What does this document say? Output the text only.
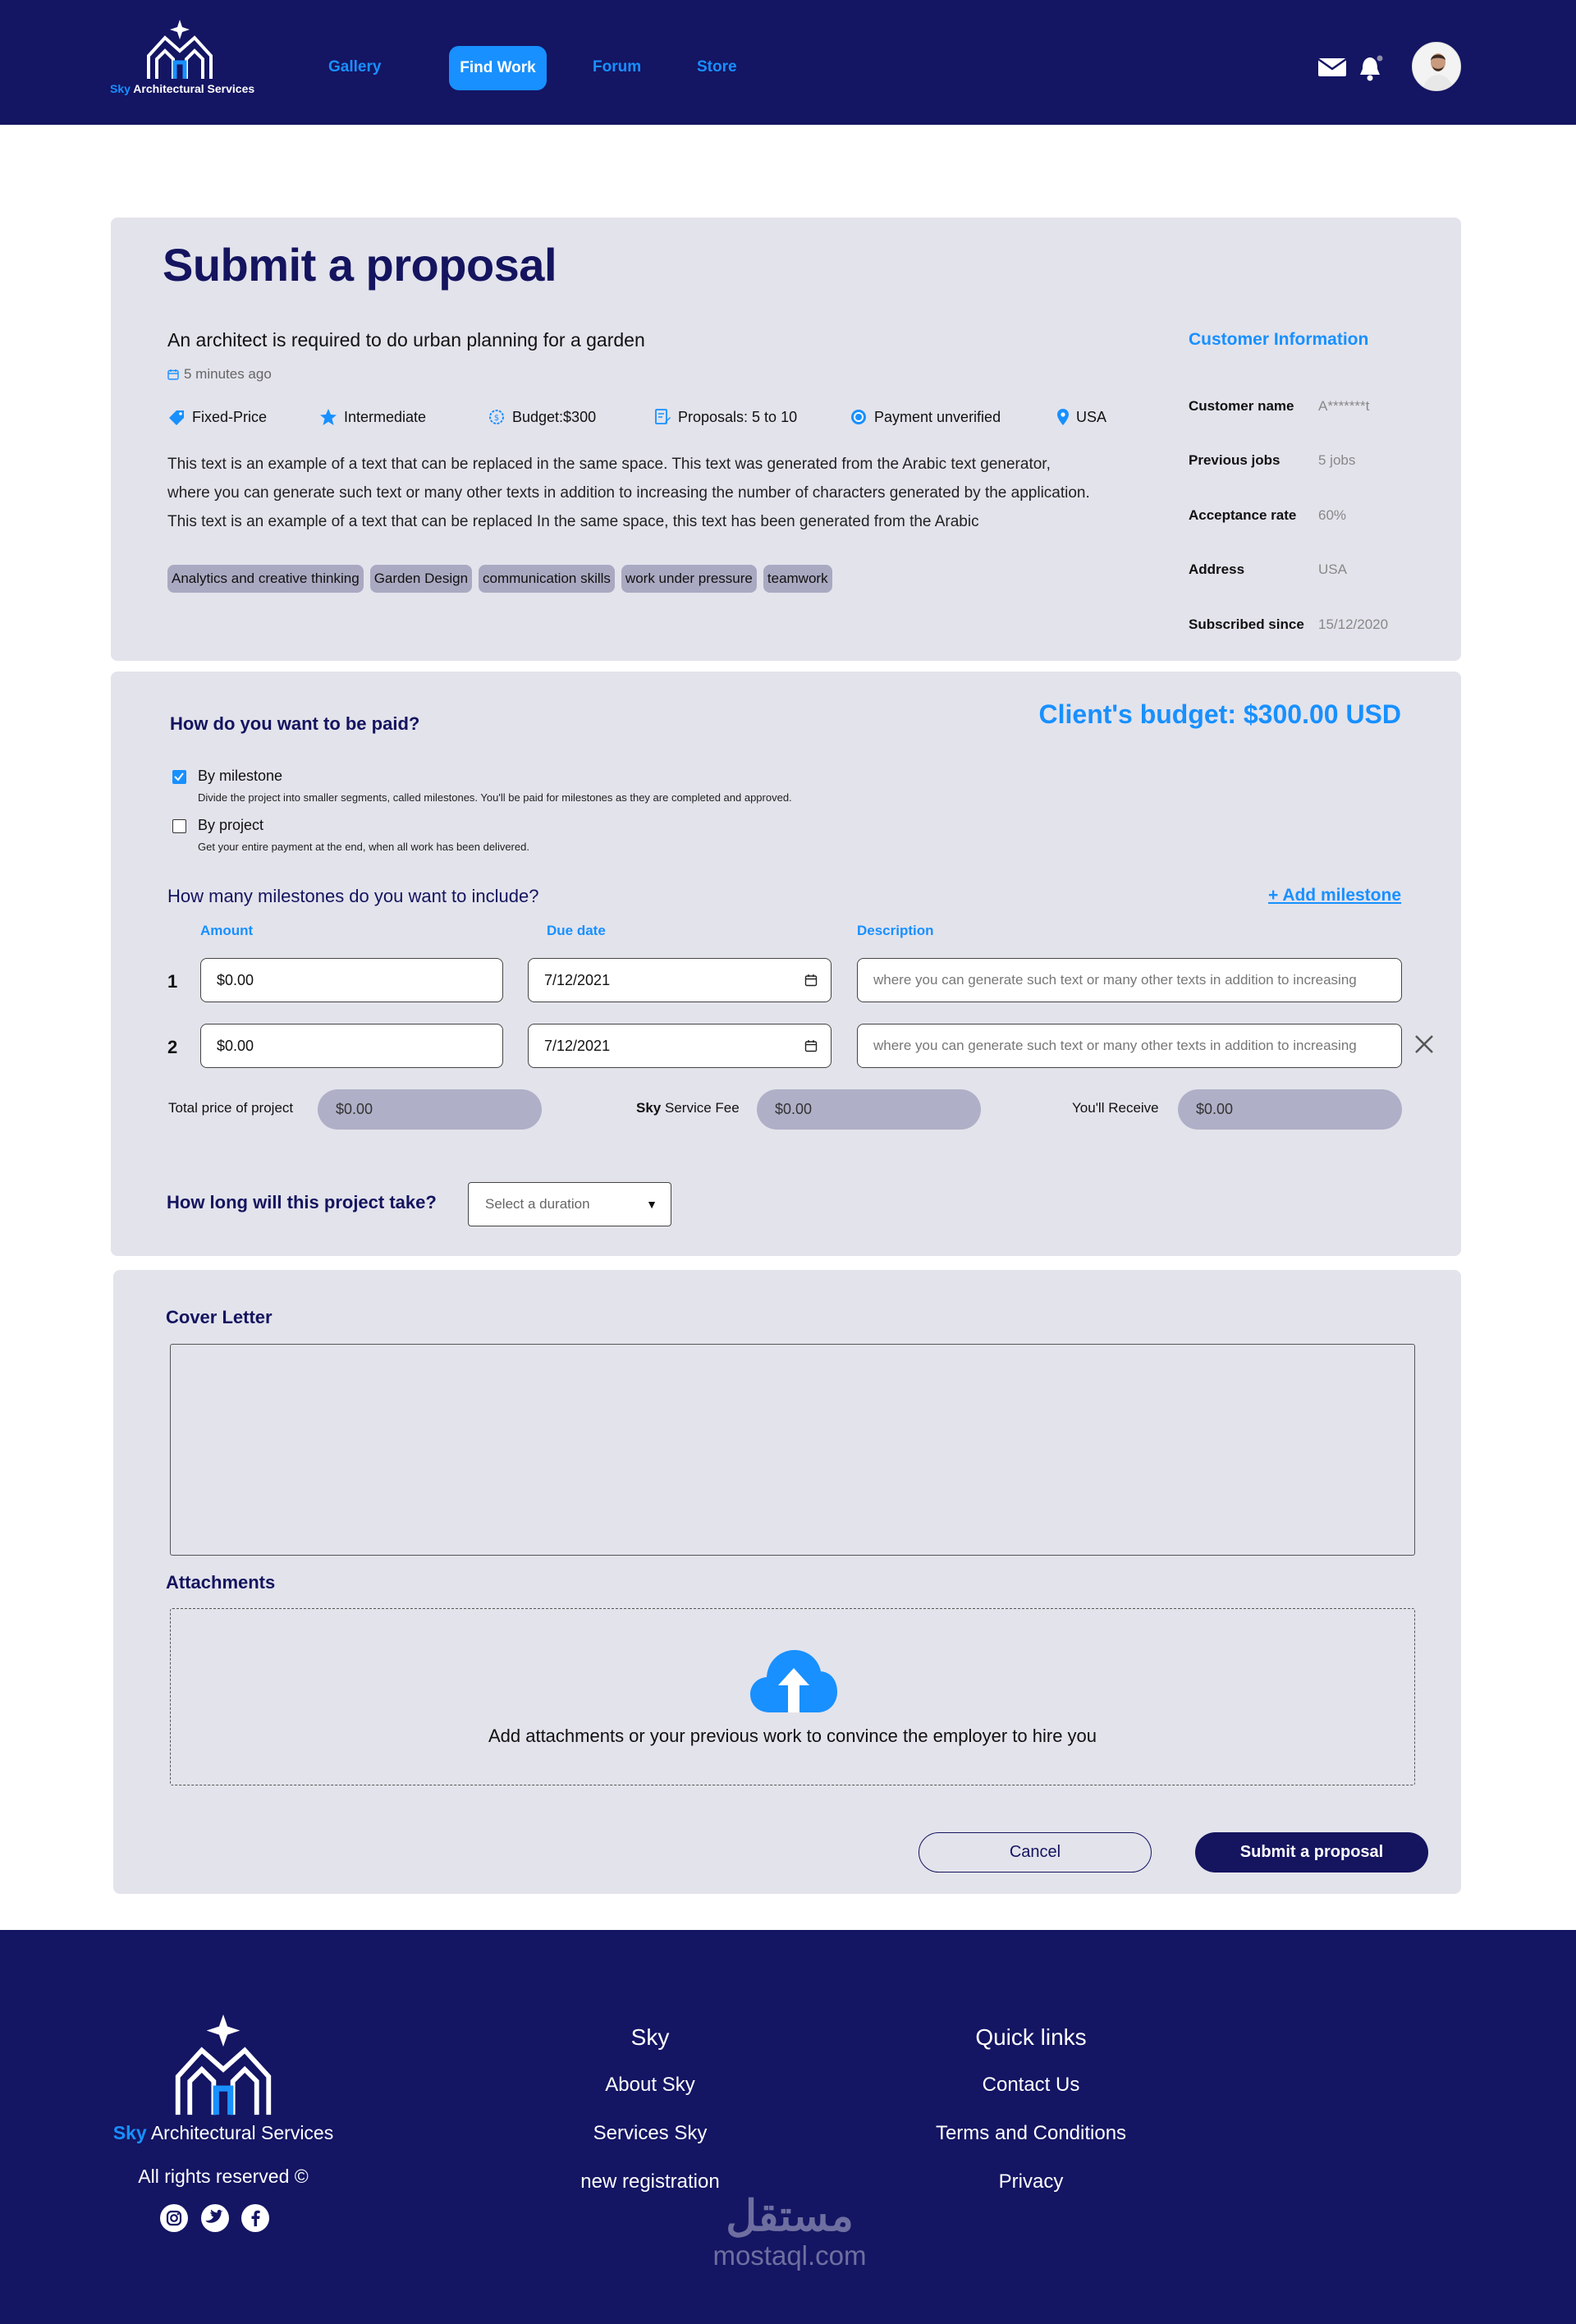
Sky Architectural Services
Gallery	Find Work	Forum	Store
Submit a proposal
An architect is required to do urban planning for a garden
5 minutes ago
Fixed-Price	Intermediate	$ Budget:$300	Proposals: 5 to 10	Payment unverified	USA
This text is an example of a text that can be replaced in the same space. This text was generated from the Arabic text generator, where you can generate such text or many other texts in addition to increasing the number of characters generated by the application. This text is an example of a text that can be replaced In the same space, this text has been generated from the Arabic
Analytics and creative thinking Garden Design communication skills work under pressure teamwork
Customer Information
Customer name A*******t
Previous jobs	5 jobs
Acceptance rate 60%
Address	USA
Subscribed since 15/12/2020
How do you want to be paid?	Client's budget: $300.00 USD
By milestone
Divide the project into smaller segments, called milestones. You'll be paid for milestones as they are completed and approved.
By project
Get your entire payment at the end, when all work has been delivered.
How many milestones do you want to include?	+ Add milestone
Amount	Due date	Description
1	$0.00	7/12/2021	where you can generate such text or many other texts in addition to increasing
2	$0.00	7/12/2021	where you can generate such text or many other texts in addition to increasing
Total price of project	$0.00	Sky Service Fee	$0.00	You'll Receive	$0.00
How long will this project take?	Select a duration	▼
Cover Letter
Attachments
Add attachments or your previous work to convince the employer to hire you
Cancel	Submit a proposal
Sky Architectural Services
All rights reserved ©
Sky
About Sky
Services Sky
new registration
Quick links
Contact Us
Terms and Conditions
Privacy
مستقل
mostaql.com
